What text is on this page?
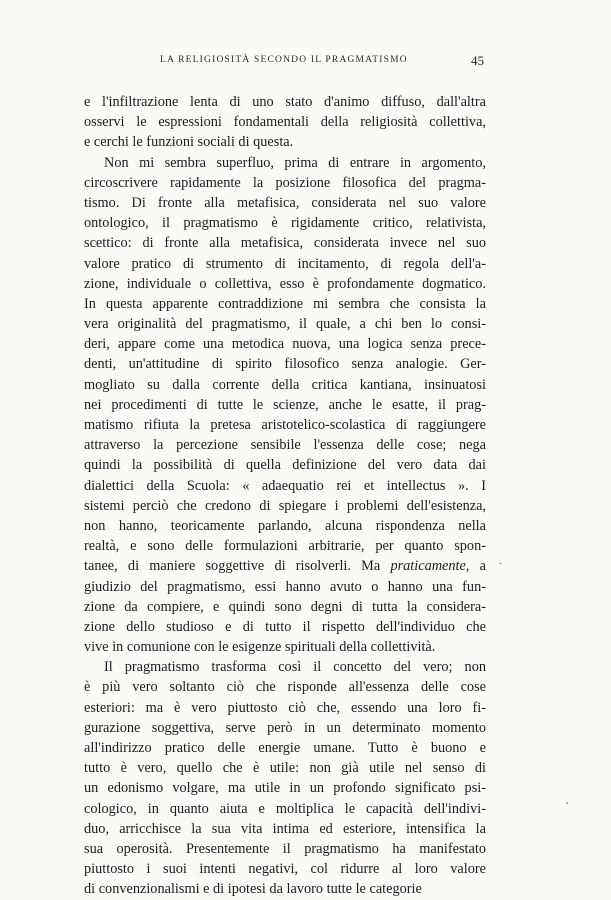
LA RELIGIOSITÀ SECONDO IL PRAGMATISMO	45
e l'infiltrazione lenta di uno stato d'animo diffuso, dall'altra
osservi le espressioni fondamentali della religiosità collettiva,
e cerchi le funzioni sociali di questa.
Non mi sembra superfluo, prima di entrare in argomento,
circoscrivere rapidamente la posizione filosofica del pragma-
tismo. Di fronte alla metafisica, considerata nel suo valore
ontologico, il pragmatismo è rigidamente critico, relativista,
scettico: di fronte alla metafisica, considerata invece nel suo
valore pratico di strumento di incitamento, di regola dell'a-
zione, individuale o collettiva, esso è profondamente dogmatico.
In questa apparente contraddizione mi sembra che consista la
vera originalità del pragmatismo, il quale, a chi ben lo consi-
deri, appare come una metodica nuova, una logica senza prece-
denti, un'attitudine di spirito filosofico senza analogie. Ger-
mogliato su dalla corrente della critica kantiana, insinuatosi
nei procedimenti di tutte le scienze, anche le esatte, il prag-
matismo rifiuta la pretesa aristotelico-scolastica di raggiungere
attraverso la percezione sensibile l'essenza delle cose; nega
quindi la possibilità di quella definizione del vero data dai
dialettici della Scuola: « adaequatio rei et intellectus ». I
sistemi perciò che credono di spiegare i problemi dell'esistenza,
non hanno, teoricamente parlando, alcuna rispondenza nella
realtà, e sono delle formulazioni arbitrarie, per quanto spon-
tanee, di maniere soggettive di risolverli. Ma praticamente, a
giudizio del pragmatismo, essi hanno avuto o hanno una fun-
zione da compiere, e quindi sono degni di tutta la considera-
zione dello studioso e di tutto il rispetto dell'individuo che
vive in comunione con le esigenze spirituali della collettività.
Il pragmatismo trasforma così il concetto del vero; non
è più vero soltanto ciò che risponde all'essenza delle cose
esteriori: ma è vero piuttosto ciò che, essendo una loro fi-
gurazione soggettiva, serve però in un determinato momento
all'indirizzo pratico delle energie umane. Tutto è buono e
tutto è vero, quello che è utile: non già utile nel senso di
un edonismo volgare, ma utile in un profondo significato psi-
cologico, in quanto aiuta e moltiplica le capacità dell'indivi-
duo, arricchisce la sua vita intima ed esteriore, intensifica la
sua operosità. Presentemente il pragmatismo ha manifestato
piuttosto i suoi intenti negativi, col ridurre al loro valore
di convenzionalismi e di ipotesi da lavoro tutte le categorie
